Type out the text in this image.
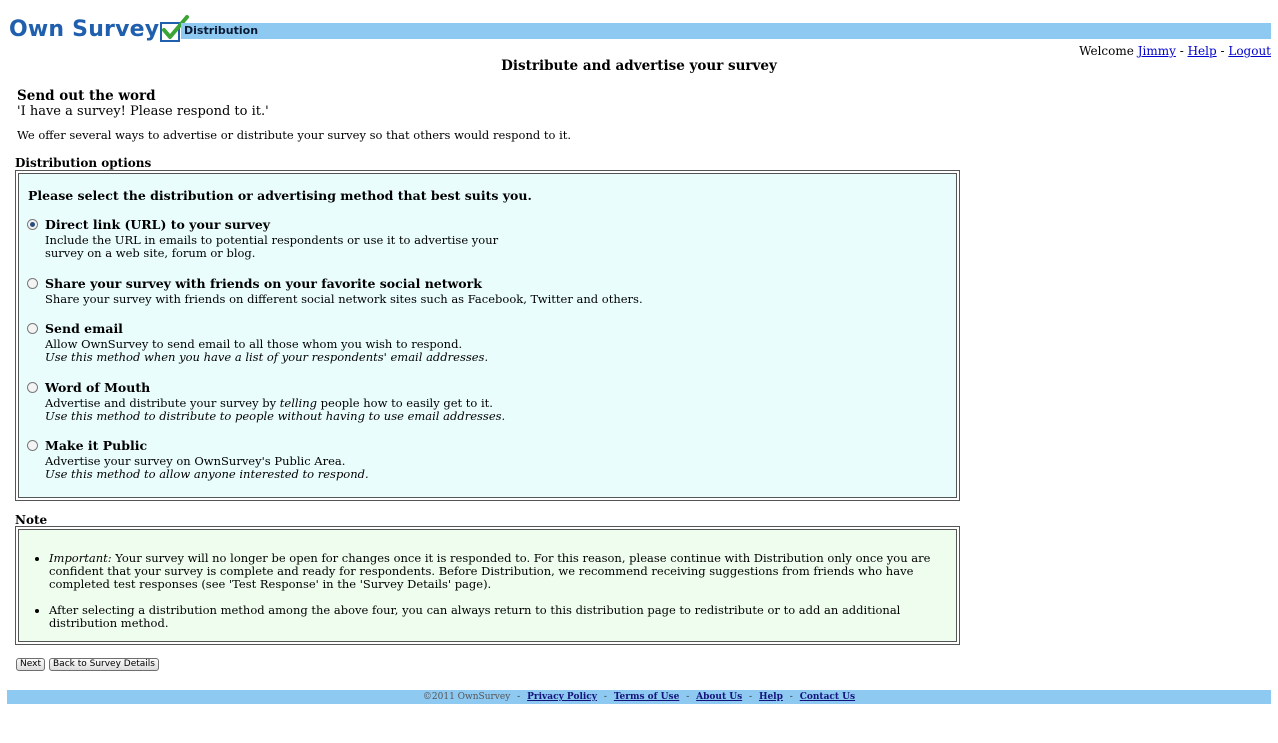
Own Survey Distribution
Welcome Jimmy - Help - Logout
Distribute and advertise your survey
Send out the word
'I have a survey! Please respond to it.'
We offer several ways to advertise or distribute your survey so that others would respond to it.
Distribution options
Please select the distribution or advertising method that best suits you.
Direct link (URL) to your survey
Include the URL in emails to potential respondents or use it to advertise your
survey on a web site, forum or blog.
Share your survey with friends on your favorite social network
Share your survey with friends on different social network sites such as Facebook, Twitter and others.
Send email
Allow OwnSurvey to send email to all those whom you wish to respond.
Use this method when you have a list of your respondents' email addresses.
Word of Mouth
Advertise and distribute your survey by telling people how to easily get to it.
Use this method to distribute to people without having to use email addresses.
Make it Public
Advertise your survey on OwnSurvey's Public Area.
Use this method to allow anyone interested to respond.
Note
• Important: Your survey will no longer be open for changes once it is responded to. For this reason, please continue with Distribution only once you are confident that your survey is complete and ready for respondents. Before Distribution, we recommend receiving suggestions from friends who have completed test responses (see 'Test Response' in the 'Survey Details' page).
• After selecting a distribution method among the above four, you can always return to this distribution page to redistribute or to add an additional distribution method.
Next	Back to Survey Details
©2011 OwnSurvey - Privacy Policy - Terms of Use - About Us - Help - Contact Us
